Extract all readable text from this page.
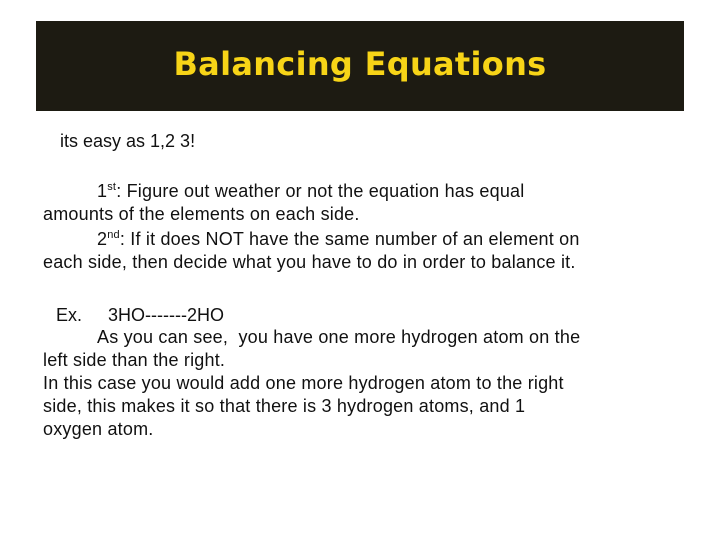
Balancing Equations

its easy as 1,2 3!

1st: Figure out weather or not the equation has equal
amounts of the elements on each side.
2nd: If it does NOT have the same number of an element on
each side, then decide what you have to do in order to balance it.
Ex. 3HO-------2HO
As you can see,  you have one more hydrogen atom on the
left side than the right.
In this case you would add one more hydrogen atom to the right
side, this makes it so that there is 3 hydrogen atoms, and 1
oxygen atom.
